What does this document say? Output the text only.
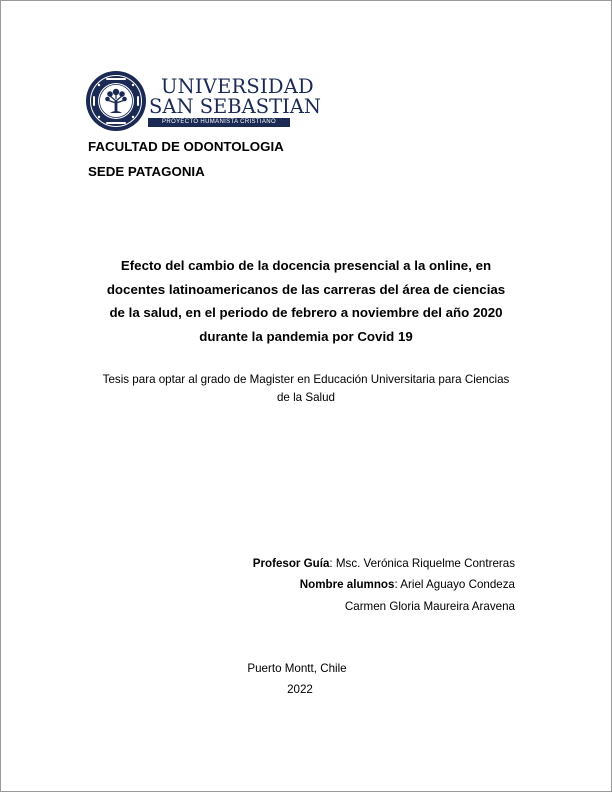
UNIVERSIDAD
SAN SEBASTIAN
PROYECTO HUMANISTA CRISTIANO
FACULTAD DE ODONTOLOGIA
SEDE PATAGONIA
Efecto del cambio de la docencia presencial a la online, en
docentes latinoamericanos de las carreras del área de ciencias
de la salud, en el periodo de febrero a noviembre del año 2020
durante la pandemia por Covid 19
Tesis para optar al grado de Magister en Educación Universitaria para Ciencias
de la Salud
Profesor Guía: Msc. Verónica Riquelme Contreras
Nombre alumnos: Ariel Aguayo Condeza
Carmen Gloria Maureira Aravena
Puerto Montt, Chile
2022
